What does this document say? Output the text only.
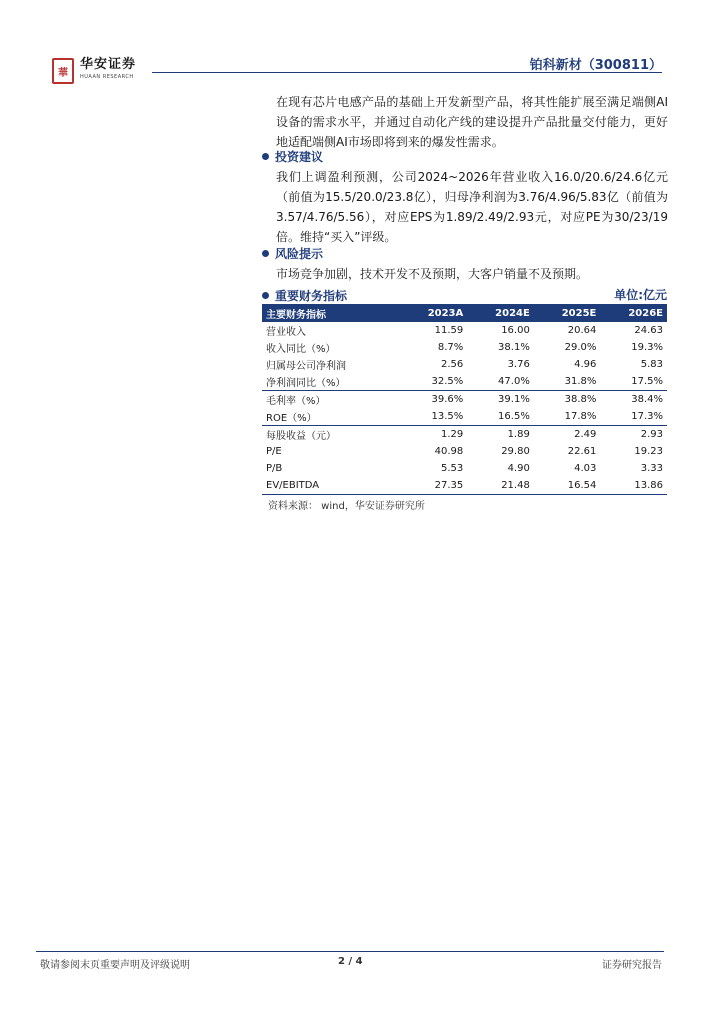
華
华安证券
HUAAN RESEARCH
铂科新材（300811）
在现有芯片电感产品的基础上开发新型产品，将其性能扩展至满足端侧AI设备的需求水平，并通过自动化产线的建设提升产品批量交付能力，更好地适配端侧AI市场即将到来的爆发性需求。
投资建议
我们上调盈利预测，公司2024~2026年营业收入16.0/20.6/24.6亿元（前值为15.5/20.0/23.8亿），归母净利润为3.76/4.96/5.83亿（前值为3.57/4.76/5.56），对应EPS为1.89/2.49/2.93元，对应PE为30/23/19倍。维持“买入”评级。
风险提示
市场竞争加剧，技术开发不及预期，大客户销量不及预期。
重要财务指标	单位:亿元
主要财务指标	2023A	2024E	2025E	2026E
营业收入	11.59	16.00	20.64	24.63
收入同比（%）	8.7%	38.1%	29.0%	19.3%
归属母公司净利润	2.56	3.76	4.96	5.83
净利润同比（%）	32.5%	47.0%	31.8%	17.5%
毛利率（%）	39.6%	39.1%	38.8%	38.4%
ROE（%）	13.5%	16.5%	17.8%	17.3%
每股收益（元）	1.29	1.89	2.49	2.93
P/E	40.98	29.80	22.61	19.23
P/B	5.53	4.90	4.03	3.33
EV/EBITDA	27.35	21.48	16.54	13.86
资料来源： wind，华安证券研究所
敬请参阅末页重要声明及评级说明	2 / 4	证券研究报告
